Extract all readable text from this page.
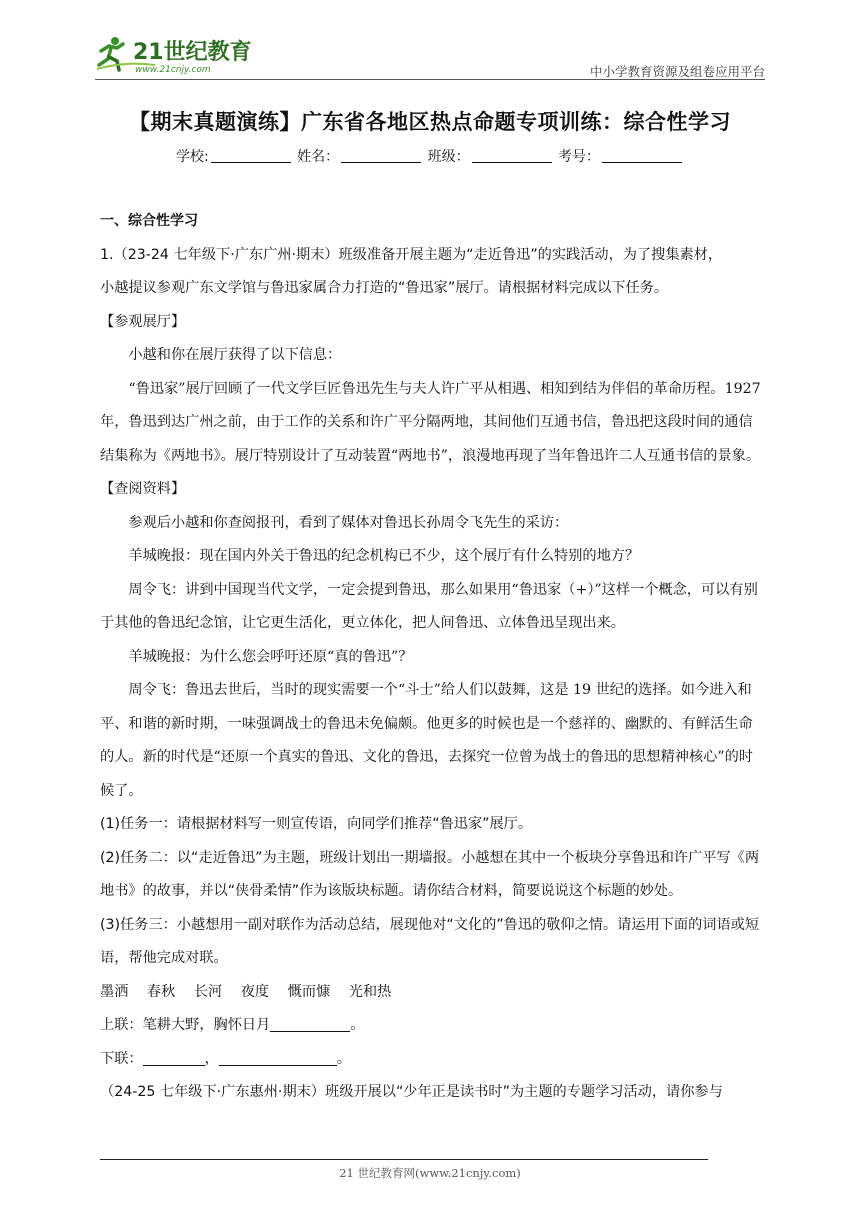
21世纪教育
www.21cnjy.com	中小学教育资源及组卷应用平台
【期末真题演练】广东省各地区热点命题专项训练：综合性学习
学校:	姓名：	班级：	考号：

一、综合性学习

1.（23-24 七年级下·广东广州·期末）班级准备开展主题为“走近鲁迅”的实践活动，为了搜集素材，

小越提议参观广东文学馆与鲁迅家属合力打造的“鲁迅家”展厅。请根据材料完成以下任务。

【参观展厅】

小越和你在展厅获得了以下信息：

“鲁迅家”展厅回顾了一代文学巨匠鲁迅先生与夫人许广平从相遇、相知到结为伴侣的革命历程。1927 年，鲁迅到达广州之前，由于工作的关系和许广平分隔两地，其间他们互通书信，鲁迅把这段时间的通信结集称为《两地书》。展厅特别设计了互动装置“两地书”，浪漫地再现了当年鲁迅许二人互通书信的景象。

【查阅资料】

参观后小越和你查阅报刊，看到了媒体对鲁迅长孙周令飞先生的采访：

羊城晚报：现在国内外关于鲁迅的纪念机构已不少，这个展厅有什么特别的地方？

周令飞：讲到中国现当代文学，一定会提到鲁迅，那么如果用“鲁迅家（+）”这样一个概念，可以有别于其他的鲁迅纪念馆，让它更生活化，更立体化，把人间鲁迅、立体鲁迅呈现出来。

羊城晚报：为什么您会呼吁还原“真的鲁迅”？

周令飞：鲁迅去世后，当时的现实需要一个“斗士”给人们以鼓舞，这是 19 世纪的选择。如今进入和平、和谐的新时期，一味强调战士的鲁迅未免偏颇。他更多的时候也是一个慈祥的、幽默的、有鲜活生命的人。新的时代是“还原一个真实的鲁迅、文化的鲁迅，去探究一位曾为战士的鲁迅的思想精神核心”的时候了。

(1)任务一：请根据材料写一则宣传语，向同学们推荐“鲁迅家”展厅。

(2)任务二：以“走近鲁迅”为主题，班级计划出一期墙报。小越想在其中一个板块分享鲁迅和许广平写《两地书》的故事，并以“侠骨柔情”作为该版块标题。请你结合材料，简要说说这个标题的妙处。

(3)任务三：小越想用一副对联作为活动总结，展现他对“文化的”鲁迅的敬仰之情。请运用下面的词语或短语，帮他完成对联。

墨洒 春秋 长河 夜度 慨而慷 光和热

上联：笔耕大野，胸怀日月	。

下联：	，	。

（24-25 七年级下·广东惠州·期末）班级开展以“少年正是读书时”为主题的专题学习活动，请你参与

21 世纪教育网(www.21cnjy.com)
